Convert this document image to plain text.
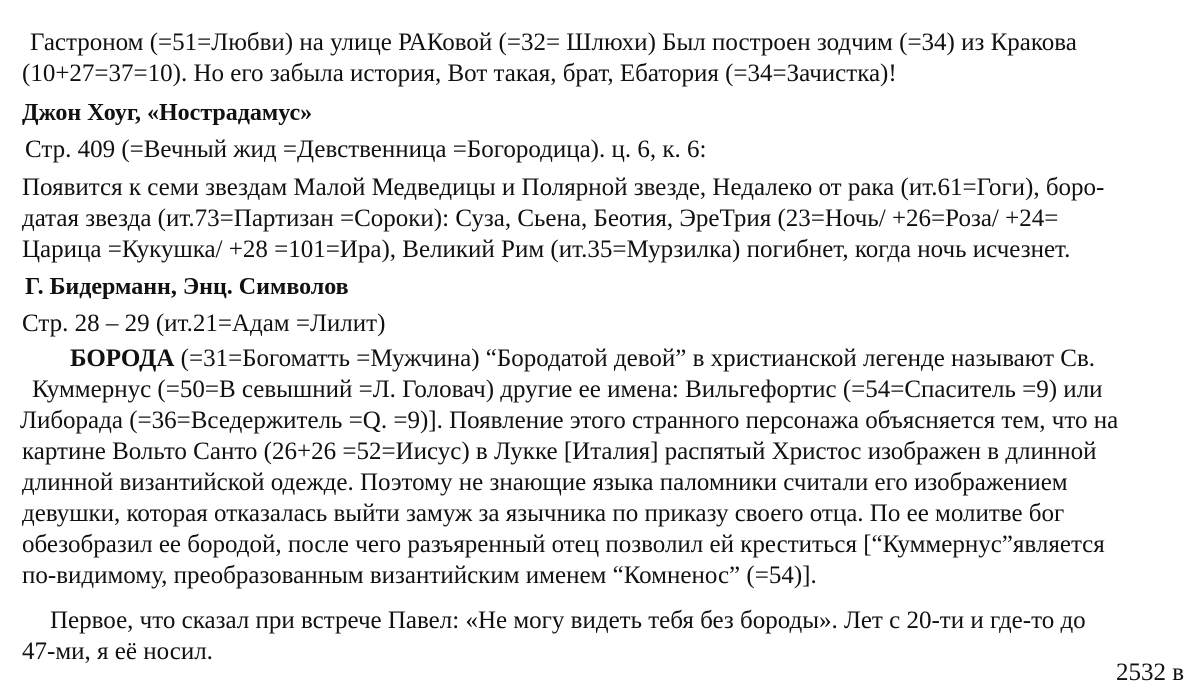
Гастроном (=51=Любви) на улице РАКовой (=32= Шлюхи) Был построен зодчим (=34) из Кракова
(10+27=37=10). Но его забыла история, Вот такая, брат, Ебатория (=34=Зачистка)!
Джон Хоуг, «Нострадамус»
Стр. 409 (=Вечный жид =Девственница =Богородица). ц. 6, к. 6:
Появится к семи звездам Малой Медведицы и Полярной звезде, Недалеко от рака (ит.61=Гоги), боро-
датая звезда (ит.73=Партизан =Сороки): Суза, Сьена, Беотия, ЭреТрия (23=Ночь/ +26=Роза/ +24=
Царица =Кукушка/ +28 =101=Ира), Великий Рим (ит.35=Мурзилка) погибнет, когда ночь исчезнет.
Г. Бидерманн, Энц. Символов
Стр. 28 – 29 (ит.21=Адам =Лилит)
БОРОДА (=31=Богоматть =Мужчина) “Бородатой девой” в христианской легенде называют Св.
Куммернус (=50=В севышний =Л. Головач) другие ее имена: Вильгефортис (=54=Спаситель =9) или
Либорада (=36=Вседержитель =Q. =9)]. Появление этого странного персонажа объясняется тем, что на
картине Вольто Санто (26+26 =52=Иисус) в Лукке [Италия] распятый Христос изображен в длинной
длинной византийской одежде. Поэтому не знающие языка паломники считали его изображением
девушки, которая отказалась выйти замуж за язычника по приказу своего отца. По ее молитве бог
обезобразил ее бородой, после чего разъяренный отец позволил ей креститься [“Куммернус”является
по-видимому, преобразованным византийским именем “Комненос” (=54)].
Первое, что сказал при встрече Павел: «Не могу видеть тебя без бороды». Лет с 20-ти и где-то до
47-ми, я её носил.
2532 в
